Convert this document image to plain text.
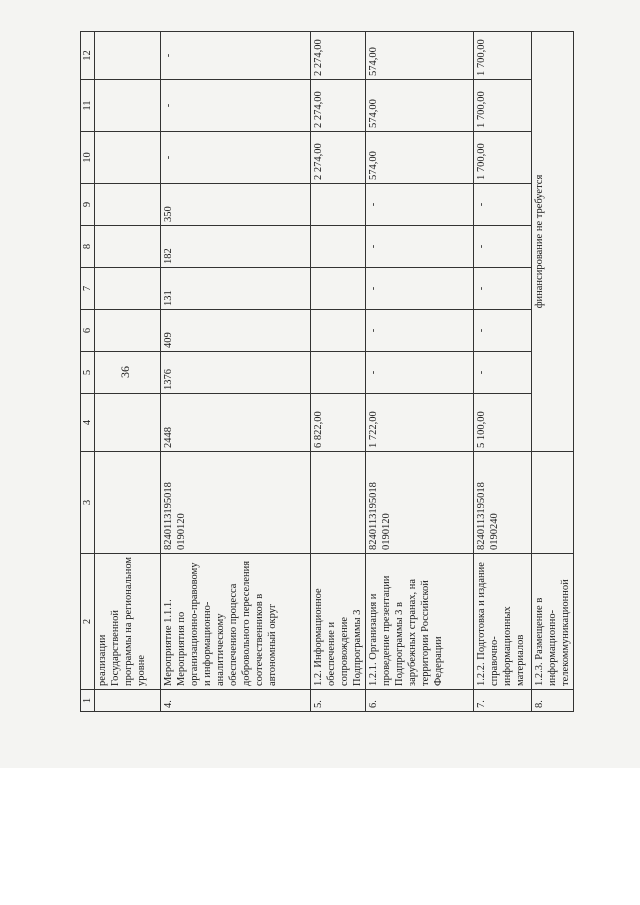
1	2	3	4	5	6	7	8	9	10	11	12
	реализации Государственной программы на региональном уровне										
4.	Мероприятие 1.1.1. Мероприятия по организационно-правовому и информационно-аналитическому обеспечению процесса добровольного переселения соотечественников в автономный округ	8240113195018 0190120	2448	1376	409	131	182	350	-	-	-
5.	1.2. Информационное обеспечение и сопровождение Подпрограммы 3		6 822,00						2 274,00	2 274,00	2 274,00
6.	1.2.1. Организация и проведение презентации Подпрограммы 3 в зарубежных странах, на территории Российской Федерации	8240113195018 0190120	1 722,00	-	-	-	-	-	574,00	574,00	574,00
7.	1.2.2. Подготовка и издание справочно-информационных материалов	8240113195018 0190240	5 100,00	-	-	-	-	-	1 700,00	1 700,00	1 700,00
8.	1.2.3. Размещение в информационно-телекоммуникационной		финансирование не требуется								
36
